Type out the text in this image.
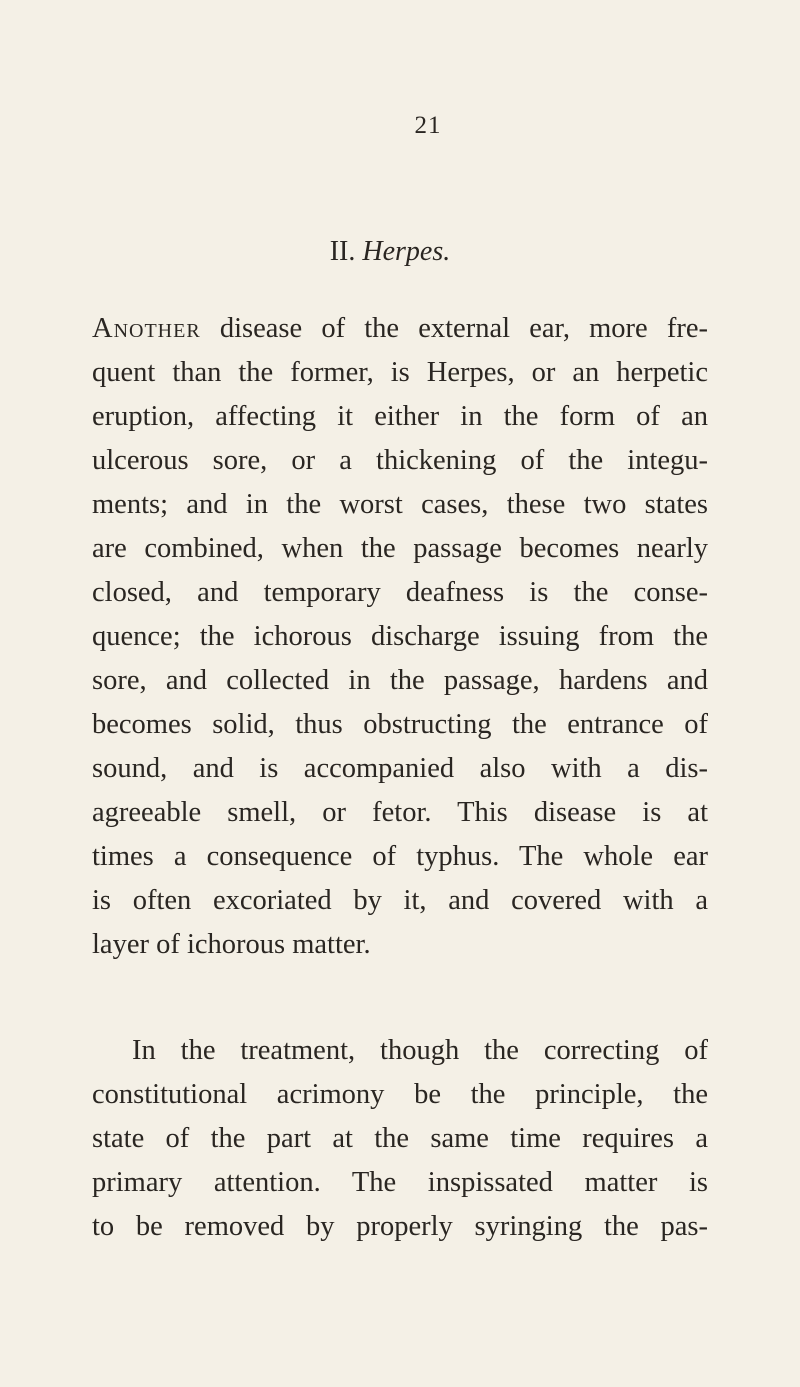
21
II. Herpes.
Another disease of the external ear, more fre-
quent than the former, is Herpes, or an herpetic
eruption, affecting it either in the form of an
ulcerous sore, or a thickening of the integu-
ments; and in the worst cases, these two states
are combined, when the passage becomes nearly
closed, and temporary deafness is the conse-
quence; the ichorous discharge issuing from the
sore, and collected in the passage, hardens and
becomes solid, thus obstructing the entrance of
sound, and is accompanied also with a dis-
agreeable smell, or fetor. This disease is at
times a consequence of typhus. The whole ear
is often excoriated by it, and covered with a
layer of ichorous matter.
In the treatment, though the correcting of
constitutional acrimony be the principle, the
state of the part at the same time requires a
primary attention. The inspissated matter is
to be removed by properly syringing the pas-
